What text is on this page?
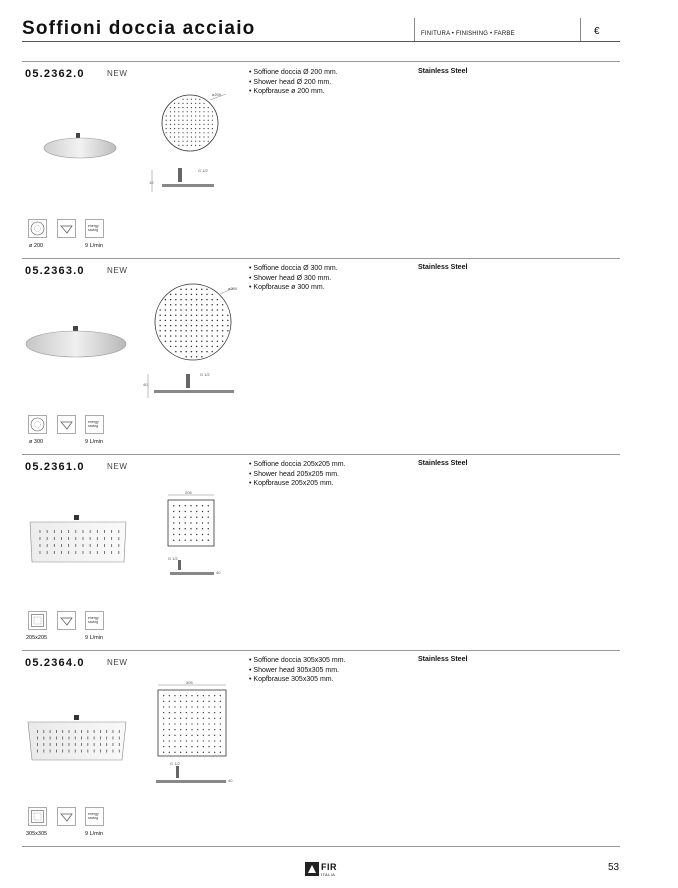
Soffioni doccia acciaio	FINITURA • FINISHING • FARBE	€
05.2362.0	NEW	• Soffione doccia Ø 200 mm.
• Shower head Ø 200 mm.
• Kopfbrause ø 200 mm.
Stainless Steel
ø200
G 1/2
10
energy
saving
ø 200	9 L/min
05.2363.0	NEW	• Soffione doccia Ø 300 mm.
• Shower head Ø 300 mm.
• Kopfbrause ø 300 mm.
Stainless Steel
ø300
G 1/2
40
energy
saving
ø 300	9 L/min
05.2361.0	NEW	• Soffione doccia 205x205 mm.
• Shower head 205x205 mm.
• Kopfbrause 205x205 mm.
Stainless Steel
205
G 1/2
40
energy
saving
205x205	9 L/min
05.2364.0	NEW	• Soffione doccia 305x305 mm.
• Shower head 305x305 mm.
• Kopfbrause 305x305 mm.
Stainless Steel
305
G 1/2
40
energy
saving
305x305	9 L/min
FIR
ITALIA
53
